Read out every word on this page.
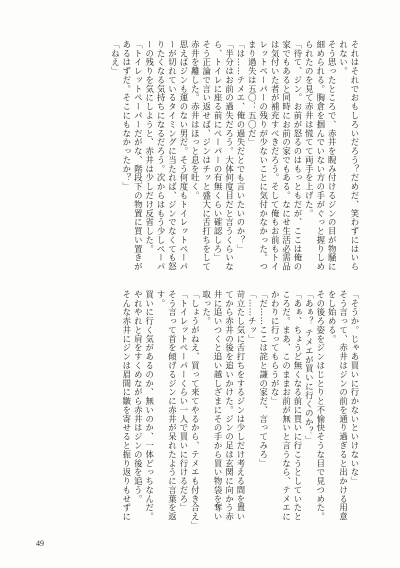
それはそれでおもしろいだろう？だめだ、笑わずにはいられない。

そう思ったところで、赤井を睨み付けるジンの目が物騒に細められる。胸倉を掴んでいない方の手がぐっと握りしめられたのを見て赤井は慌てて両手を上げた。

「待て、ジン。お前が怒るのはもっともだが、ここは俺の家でもあると同時にお前の家でもある。なにせ生活必需品は気付いた者が補充すべきだろう。そして俺もお前もトイレットペーパーの残りが少ないことに気付かなかった。つまり過失は五〇：五〇だ」

「は……テメエ、俺の過失だとでも言いたいのか？」

「半分はお前の過失だろう。大体何度目だと言うくらいなら、トイレに座る前にペーパーの有無くらい確認しろ」

そう正論で言い返せば、ジンはチッと盛大に舌打ちをして赤井を離した。赤井はほっと息を吐く。

思えばジンも運のない男だ。そう何度もトイレットペーパーが切れているタイミングに当たれば、ジンでなくても怒りたくなる気持ちになるだろう。次からはもう少しペーパーの残りを気にしようと、赤井は少しだけ反省した。

「トイレットペーパーだがな、階段下の物置に買い置きがあるはずだ。そこにもなかったか？」

「ねえ」

「そうか。じゃあ買いに行かないといけないな」

そう言って、赤井はジンの前を通り過ぎると出かける用意をし始める。

その後ろ姿をジンはじとりと不愉快そうな目で見つめた。

「あぁ？ テメエが買いに行くのか？」

「あぁ、ちょうど無くなる前に買いに行こうとしていたところだ。まあ、このままお前が無いと言うなら、テメエにかわりに行ってもらうがな」

「だ……ここは詫と謙の家だ、言ってみろ」

「……チッ」

苛立たし気に舌打ちをするジンは少しだけ考える間を置いてから赤井の後を追いかけた。ジンの足は玄関に向かう赤井に追いつくと追い越しざまにその手から買い物袋を奪い取った。

「しょうがねえ、買って来てやるから、テメエも付き合え」

「トイレットペーパーくらい一人で買いに行けるだろ」

そう言って首を傾げるジンに赤井が呆れたように言葉を返す。

買いに行く気があるのか、無いのか、一体どっちなんだ。

やれやれと肩をすくめながら赤井はジンの後を追う。

そんな赤井にジンは眉間に皺を寄せると振り返りもせずに

49
